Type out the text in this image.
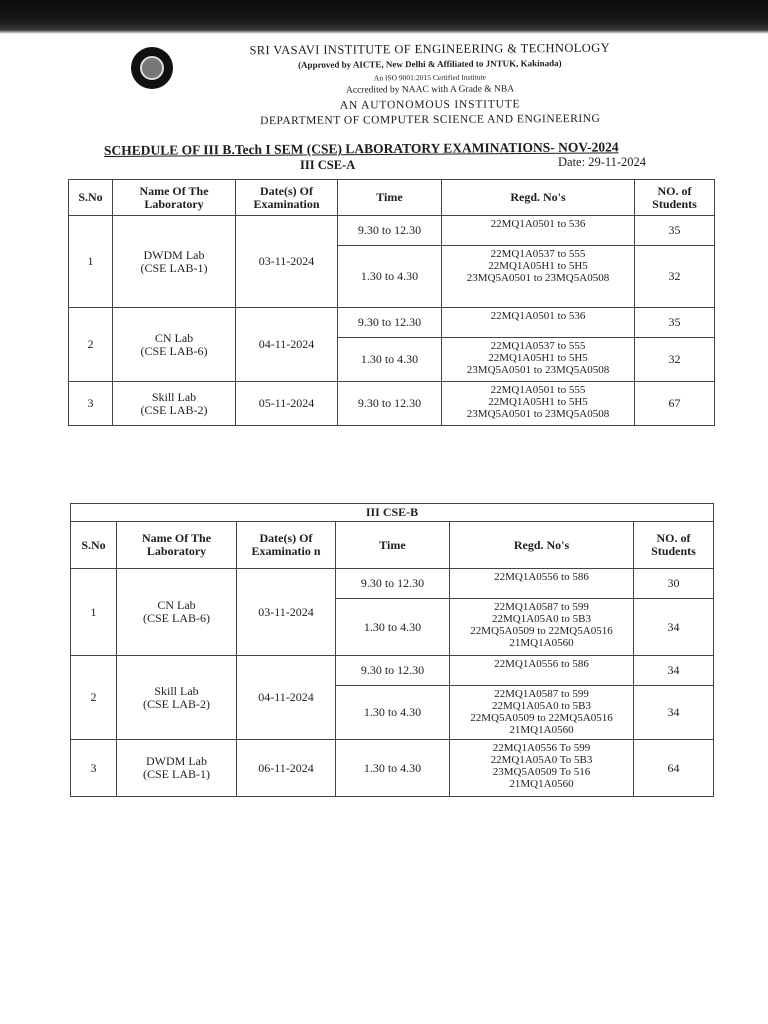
SRI VASAVI INSTITUTE OF ENGINEERING & TECHNOLOGY
(Approved by AICTE, New Delhi & Affiliated to JNTUK, Kakinada)
An ISO 9001:2015 Certified Institute
Accredited by NAAC with A Grade & NBA
AN AUTONOMOUS INSTITUTE
DEPARTMENT OF COMPUTER SCIENCE AND ENGINEERING
SCHEDULE OF III B.Tech I SEM (CSE) LABORATORY EXAMINATIONS- NOV-2024
III CSE-A	Date: 29-11-2024
S.No	Name Of The Laboratory	Date(s) Of Examination	Time	Regd. No's	NO. of Students
1	DWDM Lab
(CSE LAB-1)	03-11-2024	9.30 to 12.30	22MQ1A0501 to 536	35
			1.30 to 4.30	22MQ1A0537 to 555
22MQ1A05H1 to 5H5
23MQ5A0501 to 23MQ5A0508	32
2	CN Lab
(CSE LAB-6)	04-11-2024	9.30 to 12.30	22MQ1A0501 to 536	35
			1.30 to 4.30	22MQ1A0537 to 555
22MQ1A05H1 to 5H5
23MQ5A0501 to 23MQ5A0508	32
3	Skill Lab
(CSE LAB-2)	05-11-2024	9.30 to 12.30	22MQ1A0501 to 555
22MQ1A05H1 to 5H5
23MQ5A0501 to 23MQ5A0508	67
III CSE-B					
S.No	Name Of The Laboratory	Date(s) Of Examinatio n	Time	Regd. No's	NO. of Students
1	CN Lab
(CSE LAB-6)	03-11-2024	9.30 to 12.30	22MQ1A0556 to 586	30
			1.30 to 4.30	22MQ1A0587 to 599
22MQ1A05A0 to 5B3
22MQ5A0509 to 22MQ5A0516
21MQ1A0560	34
2	Skill Lab
(CSE LAB-2)	04-11-2024	9.30 to 12.30	22MQ1A0556 to 586	34
			1.30 to 4.30	22MQ1A0587 to 599
22MQ1A05A0 to 5B3
22MQ5A0509 to 22MQ5A0516
21MQ1A0560	34
3	DWDM Lab
(CSE LAB-1)	06-11-2024	1.30 to 4.30	22MQ1A0556 To 599
22MQ1A05A0 To 5B3
23MQ5A0509 To 516
21MQ1A0560	64
